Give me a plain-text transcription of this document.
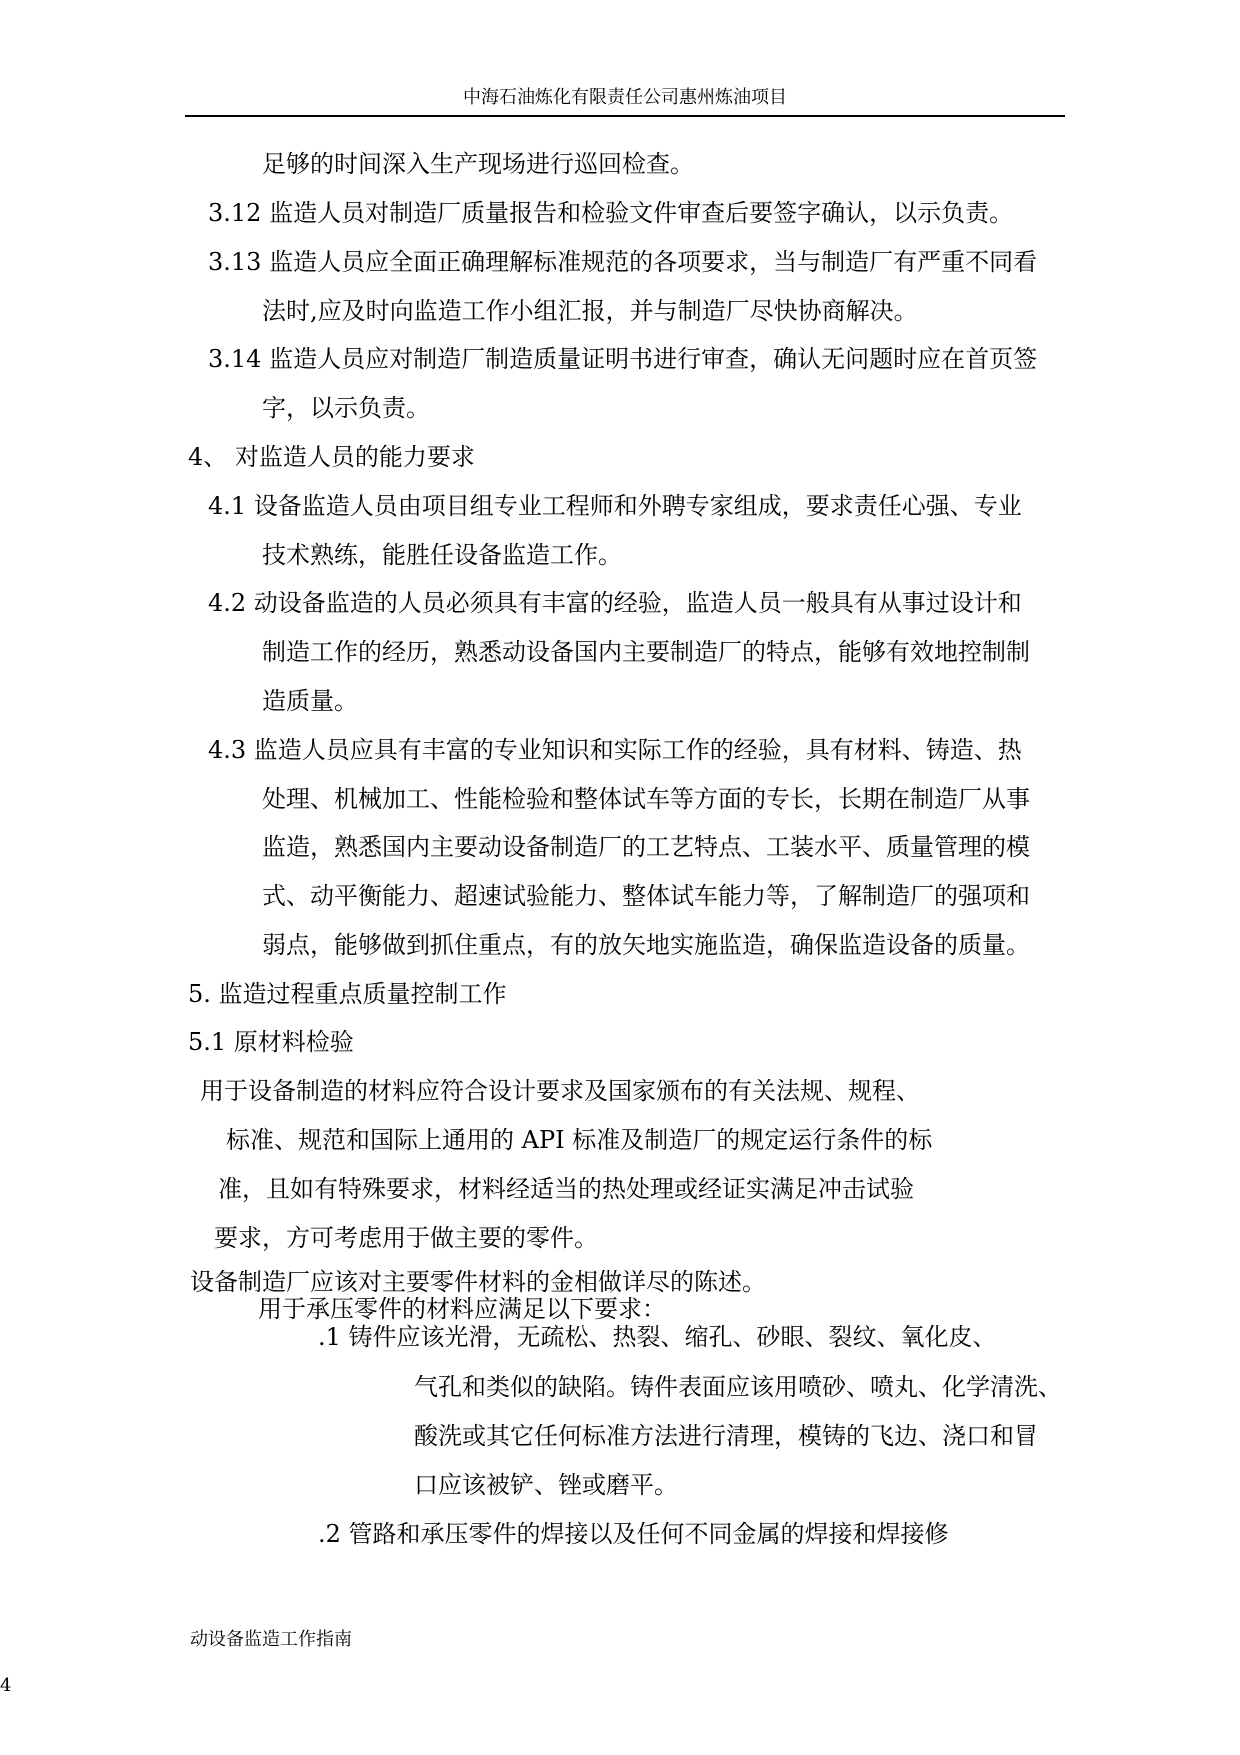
中海石油炼化有限责任公司惠州炼油项目
足够的时间深入生产现场进行巡回检查。
3.12 监造人员对制造厂质量报告和检验文件审查后要签字确认，以示负责。
3.13 监造人员应全面正确理解标准规范的各项要求，当与制造厂有严重不同看
法时,应及时向监造工作小组汇报，并与制造厂尽快协商解决。
3.14 监造人员应对制造厂制造质量证明书进行审查，确认无问题时应在首页签
字，以示负责。
4、 对监造人员的能力要求
4.1 设备监造人员由项目组专业工程师和外聘专家组成，要求责任心强、专业
技术熟练，能胜任设备监造工作。
4.2 动设备监造的人员必须具有丰富的经验，监造人员一般具有从事过设计和
制造工作的经历，熟悉动设备国内主要制造厂的特点，能够有效地控制制
造质量。
4.3 监造人员应具有丰富的专业知识和实际工作的经验，具有材料、铸造、热
处理、机械加工、性能检验和整体试车等方面的专长，长期在制造厂从事
监造，熟悉国内主要动设备制造厂的工艺特点、工装水平、质量管理的模
式、动平衡能力、超速试验能力、整体试车能力等，了解制造厂的强项和
弱点，能够做到抓住重点，有的放矢地实施监造，确保监造设备的质量。
5. 监造过程重点质量控制工作
5.1 原材料检验
用于设备制造的材料应符合设计要求及国家颁布的有关法规、规程、
标准、规范和国际上通用的 API 标准及制造厂的规定运行条件的标
准，且如有特殊要求，材料经适当的热处理或经证实满足冲击试验
要求，方可考虑用于做主要的零件。
设备制造厂应该对主要零件材料的金相做详尽的陈述。
用于承压零件的材料应满足以下要求：
.1 铸件应该光滑，无疏松、热裂、缩孔、砂眼、裂纹、氧化皮、
气孔和类似的缺陷。铸件表面应该用喷砂、喷丸、化学清洗、
酸洗或其它任何标准方法进行清理，模铸的飞边、浇口和冒
口应该被铲、锉或磨平。
.2 管路和承压零件的焊接以及任何不同金属的焊接和焊接修
动设备监造工作指南
4
